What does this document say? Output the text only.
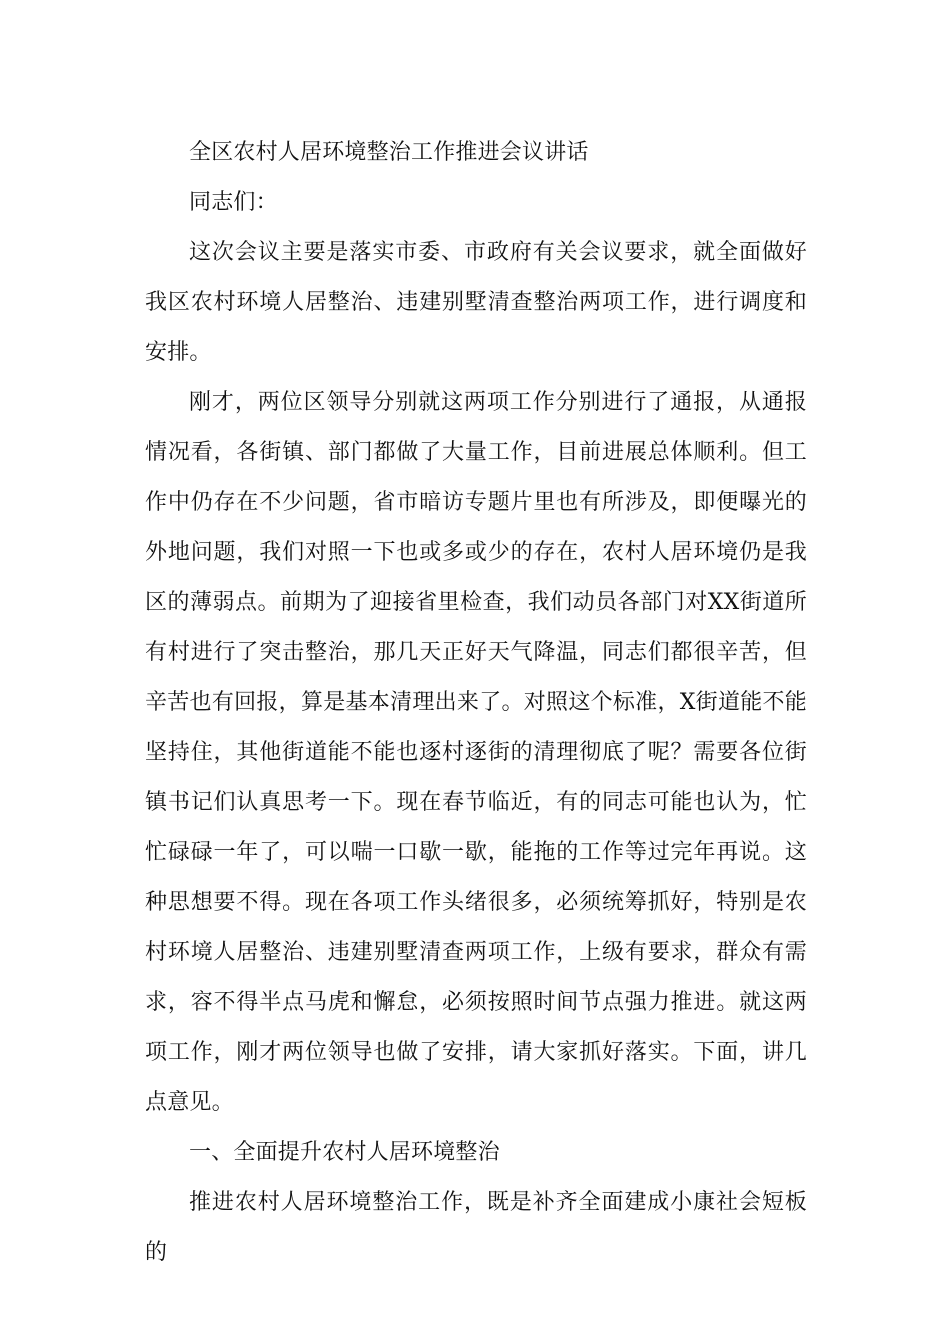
全区农村人居环境整治工作推进会议讲话

同志们：

这次会议主要是落实市委、市政府有关会议要求，就全面做好我区农村环境人居整治、违建别墅清查整治两项工作，进行调度和安排。

刚才，两位区领导分别就这两项工作分别进行了通报，从通报情况看，各街镇、部门都做了大量工作，目前进展总体顺利。但工作中仍存在不少问题，省市暗访专题片里也有所涉及，即便曝光的外地问题，我们对照一下也或多或少的存在，农村人居环境仍是我区的薄弱点。前期为了迎接省里检查，我们动员各部门对XX街道所有村进行了突击整治，那几天正好天气降温，同志们都很辛苦，但辛苦也有回报，算是基本清理出来了。对照这个标准，X街道能不能坚持住，其他街道能不能也逐村逐街的清理彻底了呢？需要各位街镇书记们认真思考一下。现在春节临近，有的同志可能也认为，忙忙碌碌一年了，可以喘一口歇一歇，能拖的工作等过完年再说。这种思想要不得。现在各项工作头绪很多，必须统筹抓好，特别是农村环境人居整治、违建别墅清查两项工作，上级有要求，群众有需求，容不得半点马虎和懈怠，必须按照时间节点强力推进。就这两项工作，刚才两位领导也做了安排，请大家抓好落实。下面，讲几点意见。

一、全面提升农村人居环境整治

推进农村人居环境整治工作，既是补齐全面建成小康社会短板的
